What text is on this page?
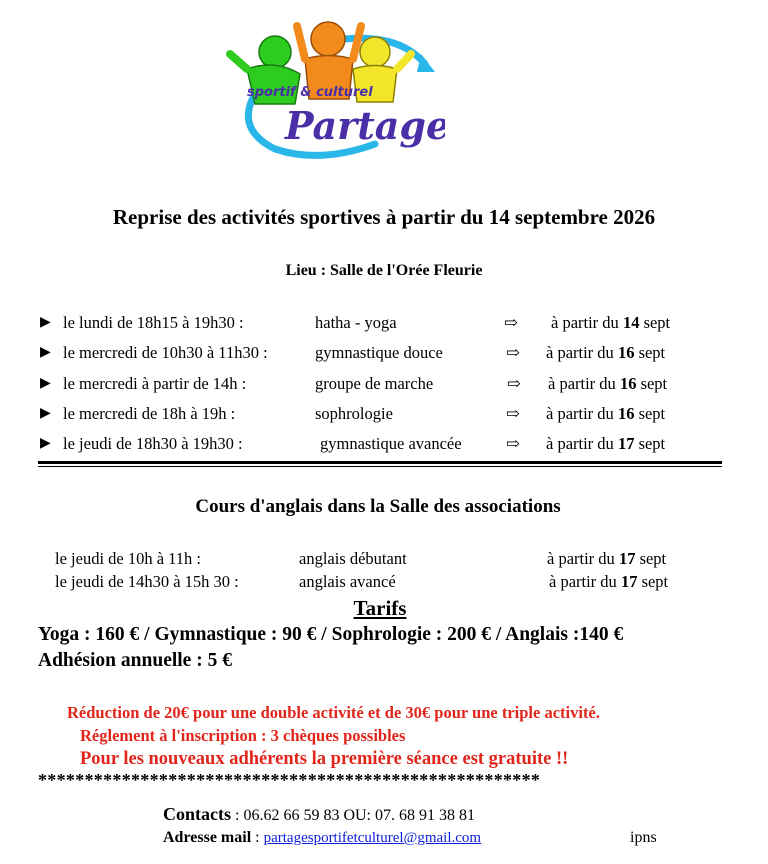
sportif & culturel
Partage
Reprise des activités sportives à partir du 14 septembre 2026
Lieu : Salle de l'Orée Fleurie
▶ le lundi de 18h15 à 19h30 :	hatha - yoga	⇨ à partir du 14 sept
▶ le mercredi de 10h30 à 11h30 :	gymnastique douce	⇨ à partir du 16 sept
▶ le mercredi à partir de 14h :	groupe de marche	⇨ à partir du 16 sept
▶ le mercredi de 18h à 19h :	sophrologie	⇨ à partir du 16 sept
▶ le jeudi de 18h30 à 19h30 :	gymnastique avancée	⇨ à partir du 17 sept
Cours d'anglais dans la Salle des associations
le jeudi de 10h à 11h :	anglais débutant	à partir du 17 sept
le jeudi de 14h30 à 15h 30 :	anglais avancé	à partir du 17 sept
Tarifs
Yoga : 160 € / Gymnastique : 90 € / Sophrologie : 200 € / Anglais :140 €
Adhésion annuelle : 5 €
Réduction de 20€ pour une double activité et de 30€ pour une triple activité.
Réglement à l'inscription : 3 chèques possibles
Pour les nouveaux adhérents la première séance est gratuite !!
******************************************************
Contacts : 06.62 66 59 83 OU: 07. 68 91 38 81
Adresse mail : partagesportifetculturel@gmail.com	ipns
